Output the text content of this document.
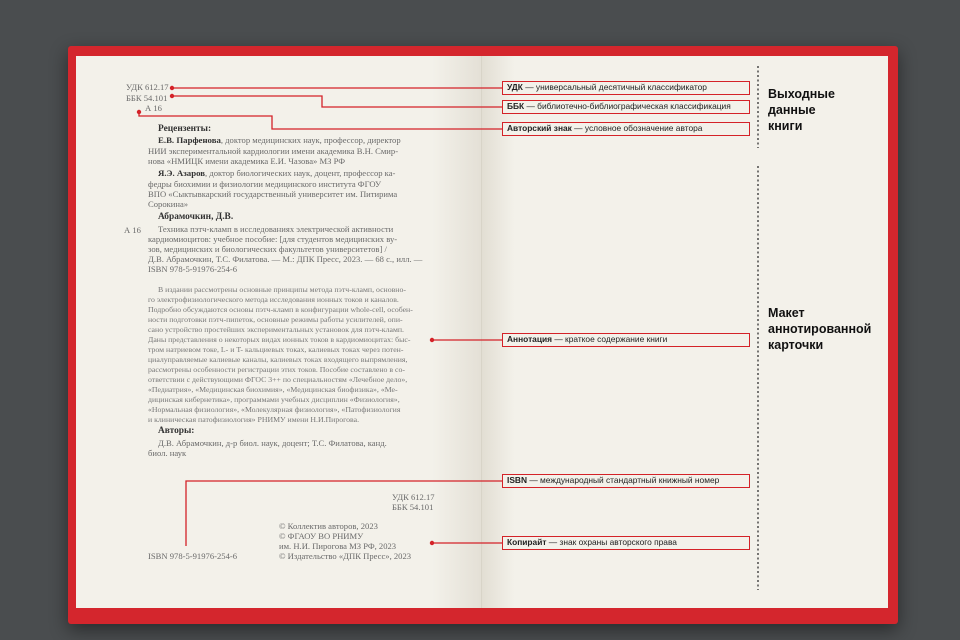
УДК 612.17
ББК 54.101
А 16
Рецензенты:
Е.В. Парфенова, доктор медицинских наук, профессор, директор
НИИ экспериментальной кардиологии имени академика В.Н. Смир-
нова «НМИЦК имени академика Е.И. Чазова» МЗ РФ
Я.Э. Азаров, доктор биологических наук, доцент, профессор ка-
федры биохимии и физиологии медицинского института ФГОУ
ВПО «Сыктывкарский государственный университет им. Питирима
Сорокина»
Абрамочкин, Д.В.
А 16 Техника пэтч-кламп в исследованиях электрической активности
кардиомиоцитов: учебное пособие: [для студентов медицинских ву-
зов, медицинских и биологических факультетов университетов] /
Д.В. Абрамочкин, Т.С. Филатова. — М.: ДПК Пресс, 2023. — 68 с., илл. —
ISBN 978-5-91976-254-6
В издании рассмотрены основные принципы метода пэтч-кламп, основно-
го электрофизиологического метода исследования ионных токов и каналов.
Подробно обсуждаются основы пэтч-кламп в конфигурации whole-cell, особен-
ности подготовки пэтч-пипеток, основные режимы работы усилителей, опи-
сано устройство простейших экспериментальных установок для пэтч-кламп.
Даны представления о некоторых видах ионных токов в кардиомиоцитах: быс-
тром натриевом токе, L- и T- кальциевых токах, калиевых токах через потен-
циалуправляемые калиевые каналы, калиевых токах входящего выпрямления,
рассмотрены особенности регистрации этих токов. Пособие составлено в со-
ответствии с действующими ФГОС 3++ по специальностям «Лечебное дело»,
«Педиатрия», «Медицинская биохимия», «Медицинская биофизика», «Ме-
дицинская кибернетика», программами учебных дисциплин «Физиология»,
«Нормальная физиология», «Молекулярная физиология», «Патофизиология
и клиническая патофизиология» РНИМУ имени Н.И.Пирогова.
Авторы:
Д.В. Абрамочкин, д-р биол. наук, доцент; Т.С. Филатова, канд.
биол. наук
УДК 612.17
ББК 54.101
© Коллектив авторов, 2023
© ФГАОУ ВО РНИМУ
им. Н.И. Пирогова МЗ РФ, 2023
© Издательство «ДПК Пресс», 2023
ISBN 978-5-91976-254-6
УДК — универсальный десятичный классификатор
ББК — библиотечно-библиографическая классификация
Авторский знак — условное обозначение автора
Аннотация — краткое содержание книги
ISBN — международный стандартный книжный номер
Копирайт — знак охраны авторского права
Выходные
данные
книги
Макет
аннотированной
карточки
